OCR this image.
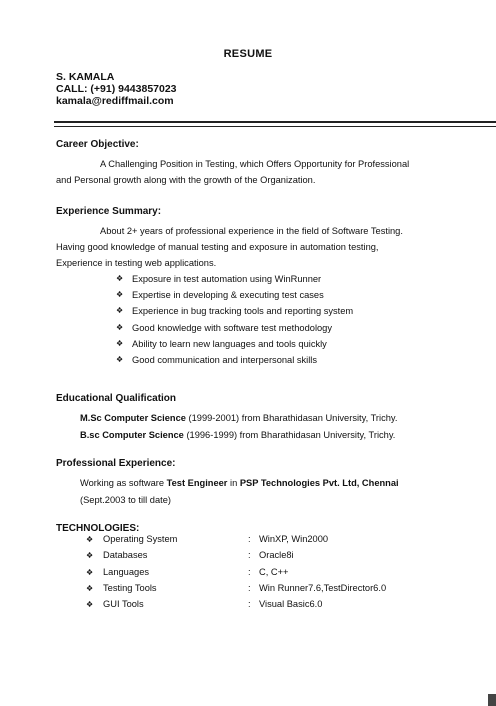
RESUME
S. KAMALA
CALL: (+91) 9443857023
kamala@rediffmail.com
Career Objective:
A Challenging Position in Testing, which Offers Opportunity for Professional
and Personal growth along with the growth of the Organization.
Experience Summary:
About 2+ years of professional experience in the field of Software Testing.
Having good knowledge of manual testing and exposure in automation testing,
Experience in testing web applications.
❖ Exposure in test automation using WinRunner
❖ Expertise in developing & executing test cases
❖ Experience in bug tracking tools and reporting system
❖ Good knowledge with software test methodology
❖ Ability to learn new languages and tools quickly
❖ Good communication and interpersonal skills
Educational Qualification
M.Sc Computer Science (1999-2001) from Bharathidasan University, Trichy.
B.sc Computer Science (1996-1999) from Bharathidasan University, Trichy.
Professional Experience:
Working as software Test Engineer in PSP Technologies Pvt. Ltd, Chennai
(Sept.2003 to till date)
TECHNOLOGIES:
❖ Operating System	: WinXP, Win2000
❖ Databases	: Oracle8i
❖ Languages	: C, C++
❖ Testing Tools	: Win Runner7.6,TestDirector6.0
❖ GUI Tools	: Visual Basic6.0
